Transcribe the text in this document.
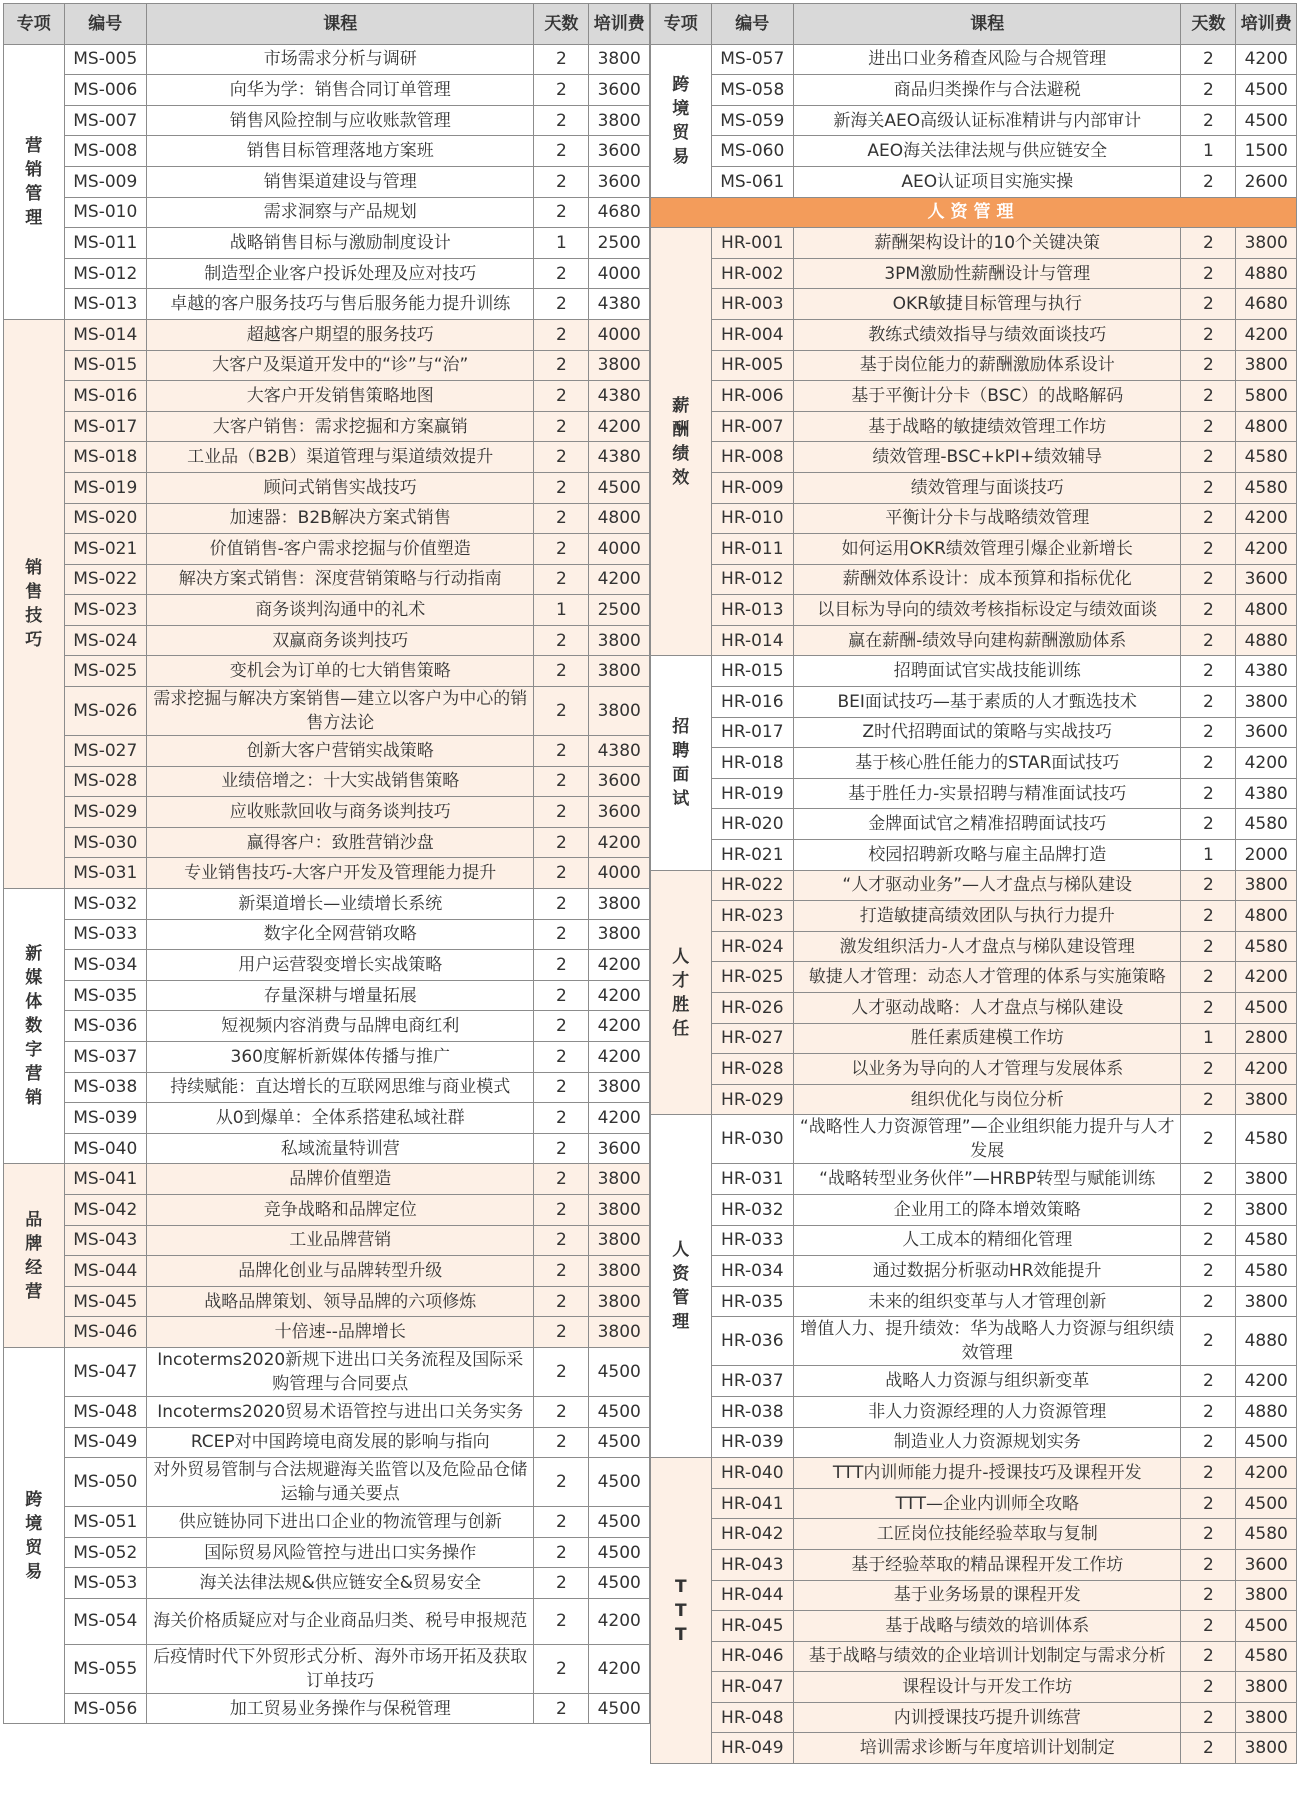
专项	编号	课程	天数	培训费
营销管理	MS-005	市场需求分析与调研	2	3800
	MS-006	向华为学：销售合同订单管理	2	3600
	MS-007	销售风险控制与应收账款管理	2	3800
	MS-008	销售目标管理落地方案班	2	3600
	MS-009	销售渠道建设与管理	2	3600
	MS-010	需求洞察与产品规划	2	4680
	MS-011	战略销售目标与激励制度设计	1	2500
	MS-012	制造型企业客户投诉处理及应对技巧	2	4000
	MS-013	卓越的客户服务技巧与售后服务能力提升训练	2	4380
销售技巧	MS-014	超越客户期望的服务技巧	2	4000
	MS-015	大客户及渠道开发中的“诊”与“治”	2	3800
	MS-016	大客户开发销售策略地图	2	4380
	MS-017	大客户销售：需求挖掘和方案赢销	2	4200
	MS-018	工业品（B2B）渠道管理与渠道绩效提升	2	4380
	MS-019	顾问式销售实战技巧	2	4500
	MS-020	加速器：B2B解决方案式销售	2	4800
	MS-021	价值销售-客户需求挖掘与价值塑造	2	4000
	MS-022	解决方案式销售：深度营销策略与行动指南	2	4200
	MS-023	商务谈判沟通中的礼术	1	2500
	MS-024	双赢商务谈判技巧	2	3800
	MS-025	变机会为订单的七大销售策略	2	3800
	MS-026	需求挖掘与解决方案销售—建立以客户为中心的销售方法论	2	3800
	MS-027	创新大客户营销实战策略	2	4380
	MS-028	业绩倍增之：十大实战销售策略	2	3600
	MS-029	应收账款回收与商务谈判技巧	2	3600
	MS-030	赢得客户：致胜营销沙盘	2	4200
	MS-031	专业销售技巧-大客户开发及管理能力提升	2	4000
新媒体数字营销	MS-032	新渠道增长—业绩增长系统	2	3800
	MS-033	数字化全网营销攻略	2	3800
	MS-034	用户运营裂变增长实战策略	2	4200
	MS-035	存量深耕与增量拓展	2	4200
	MS-036	短视频内容消费与品牌电商红利	2	4200
	MS-037	360度解析新媒体传播与推广	2	4200
	MS-038	持续赋能：直达增长的互联网思维与商业模式	2	3800
	MS-039	从0到爆单：全体系搭建私域社群	2	4200
	MS-040	私域流量特训营	2	3600
品牌经营	MS-041	品牌价值塑造	2	3800
	MS-042	竞争战略和品牌定位	2	3800
	MS-043	工业品牌营销	2	3800
	MS-044	品牌化创业与品牌转型升级	2	3800
	MS-045	战略品牌策划、领导品牌的六项修炼	2	3800
	MS-046	十倍速--品牌增长	2	3800
跨境贸易	MS-047	Incoterms2020新规下进出口关务流程及国际采购管理与合同要点	2	4500
	MS-048	Incoterms2020贸易术语管控与进出口关务实务	2	4500
	MS-049	RCEP对中国跨境电商发展的影响与指向	2	4500
	MS-050	对外贸易管制与合法规避海关监管以及危险品仓储运输与通关要点	2	4500
	MS-051	供应链协同下进出口企业的物流管理与创新	2	4500
	MS-052	国际贸易风险管控与进出口实务操作	2	4500
	MS-053	海关法律法规&供应链安全&贸易安全	2	4500
	MS-054	海关价格质疑应对与企业商品归类、税号申报规范	2	4200
	MS-055	后疫情时代下外贸形式分析、海外市场开拓及获取订单技巧	2	4200
	MS-056	加工贸易业务操作与保税管理	2	4500
专项	编号	课程	天数	培训费
跨境贸易	MS-057	进出口业务稽查风险与合规管理	2	4200
	MS-058	商品归类操作与合法避税	2	4500
	MS-059	新海关AEO高级认证标准精讲与内部审计	2	4500
	MS-060	AEO海关法律法规与供应链安全	1	1500
	MS-061	AEO认证项目实施实操	2	2600
人资管理				
薪酬绩效	HR-001	薪酬架构设计的10个关键决策	2	3800
	HR-002	3PM激励性薪酬设计与管理	2	4880
	HR-003	OKR敏捷目标管理与执行	2	4680
	HR-004	教练式绩效指导与绩效面谈技巧	2	4200
	HR-005	基于岗位能力的薪酬激励体系设计	2	3800
	HR-006	基于平衡计分卡（BSC）的战略解码	2	5800
	HR-007	基于战略的敏捷绩效管理工作坊	2	4800
	HR-008	绩效管理-BSC+kPI+绩效辅导	2	4580
	HR-009	绩效管理与面谈技巧	2	4580
	HR-010	平衡计分卡与战略绩效管理	2	4200
	HR-011	如何运用OKR绩效管理引爆企业新增长	2	4200
	HR-012	薪酬效体系设计：成本预算和指标优化	2	3600
	HR-013	以目标为导向的绩效考核指标设定与绩效面谈	2	4800
	HR-014	赢在薪酬-绩效导向建构薪酬激励体系	2	4880
招聘面试	HR-015	招聘面试官实战技能训练	2	4380
	HR-016	BEI面试技巧—基于素质的人才甄选技术	2	3800
	HR-017	Z时代招聘面试的策略与实战技巧	2	3600
	HR-018	基于核心胜任能力的STAR面试技巧	2	4200
	HR-019	基于胜任力-实景招聘与精准面试技巧	2	4380
	HR-020	金牌面试官之精准招聘面试技巧	2	4580
	HR-021	校园招聘新攻略与雇主品牌打造	1	2000
人才胜任	HR-022	“人才驱动业务”—人才盘点与梯队建设	2	3800
	HR-023	打造敏捷高绩效团队与执行力提升	2	4800
	HR-024	激发组织活力-人才盘点与梯队建设管理	2	4580
	HR-025	敏捷人才管理：动态人才管理的体系与实施策略	2	4200
	HR-026	人才驱动战略：人才盘点与梯队建设	2	4500
	HR-027	胜任素质建模工作坊	1	2800
	HR-028	以业务为导向的人才管理与发展体系	2	4200
	HR-029	组织优化与岗位分析	2	3800
人资管理	HR-030	“战略性人力资源管理”—企业组织能力提升与人才发展	2	4580
	HR-031	“战略转型业务伙伴”—HRBP转型与赋能训练	2	3800
	HR-032	企业用工的降本增效策略	2	3800
	HR-033	人工成本的精细化管理	2	4580
	HR-034	通过数据分析驱动HR效能提升	2	4580
	HR-035	未来的组织变革与人才管理创新	2	3800
	HR-036	增值人力、提升绩效：华为战略人力资源与组织绩效管理	2	4880
	HR-037	战略人力资源与组织新变革	2	4200
	HR-038	非人力资源经理的人力资源管理	2	4880
	HR-039	制造业人力资源规划实务	2	4500
TTT	HR-040	TTT内训师能力提升-授课技巧及课程开发	2	4200
	HR-041	TTT—企业内训师全攻略	2	4500
	HR-042	工匠岗位技能经验萃取与复制	2	4580
	HR-043	基于经验萃取的精品课程开发工作坊	2	3600
	HR-044	基于业务场景的课程开发	2	3800
	HR-045	基于战略与绩效的培训体系	2	4500
	HR-046	基于战略与绩效的企业培训计划制定与需求分析	2	4580
	HR-047	课程设计与开发工作坊	2	3800
	HR-048	内训授课技巧提升训练营	2	3800
	HR-049	培训需求诊断与年度培训计划制定	2	3800
